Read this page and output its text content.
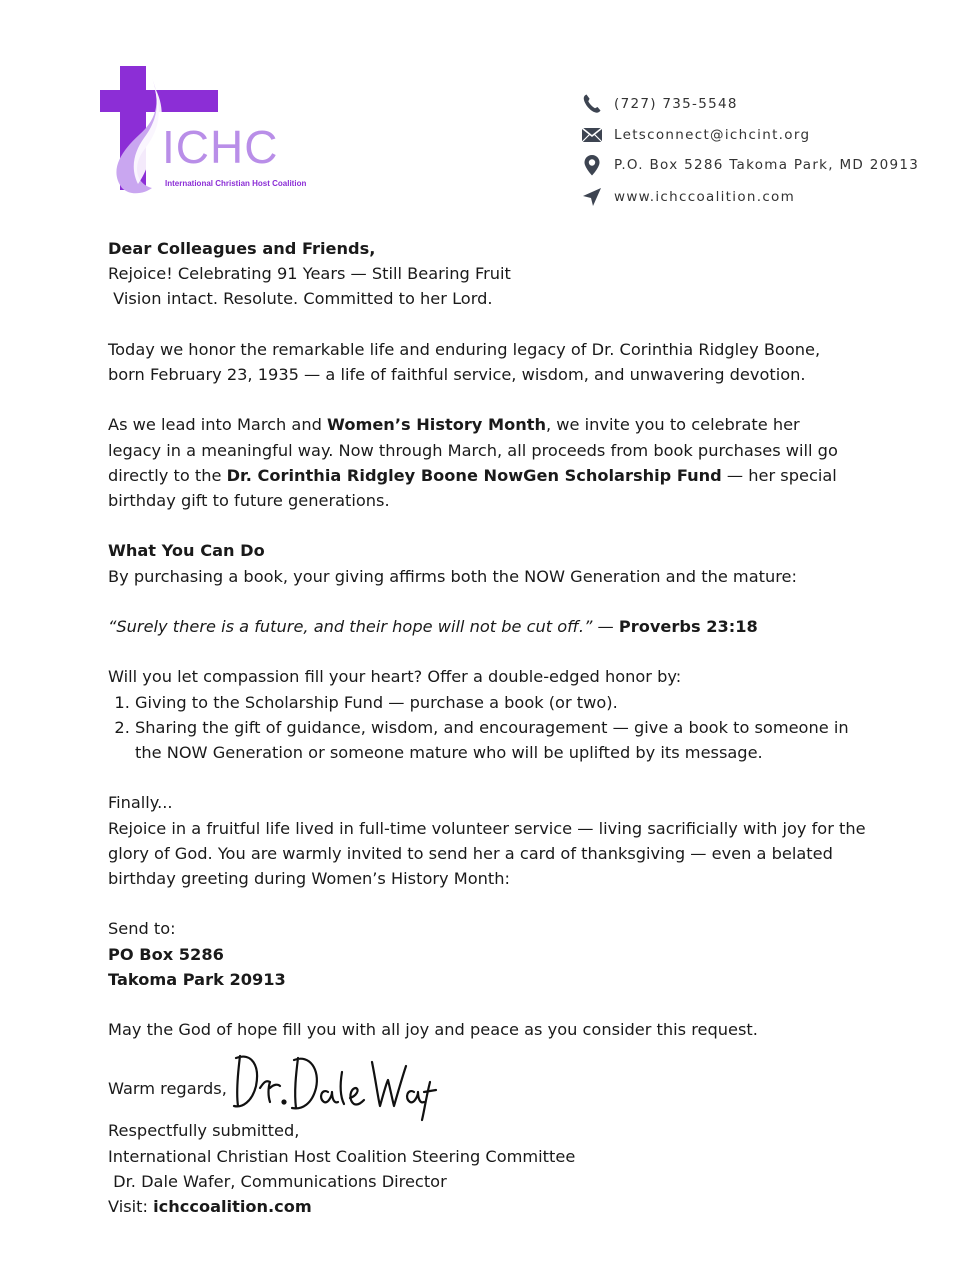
ICHC
International Christian Host Coalition
(727) 735-5548
Letsconnect@ichcint.org
P.O. Box 5286 Takoma Park, MD 20913
www.ichccoalition.com

Dear Colleagues and Friends,

Rejoice! Celebrating 91 Years — Still Bearing Fruit

Vision intact. Resolute. Committed to her Lord.

Today we honor the remarkable life and enduring legacy of Dr. Corinthia Ridgley Boone, born February 23, 1935 — a life of faithful service, wisdom, and unwavering devotion.

As we lead into March and Women’s History Month, we invite you to celebrate her legacy in a meaningful way. Now through March, all proceeds from book purchases will go directly to the Dr. Corinthia Ridgley Boone NowGen Scholarship Fund — her special birthday gift to future generations.

What You Can Do

By purchasing a book, your giving affirms both the NOW Generation and the mature:

“Surely there is a future, and their hope will not be cut off.” — Proverbs 23:18

Will you let compassion fill your heart? Offer a double-edged honor by:

1. Giving to the Scholarship Fund — purchase a book (or two).
2. Sharing the gift of guidance, wisdom, and encouragement — give a book to someone in the NOW Generation or someone mature who will be uplifted by its message.

Finally...

Rejoice in a fruitful life lived in full-time volunteer service — living sacrificially with joy for the glory of God. You are warmly invited to send her a card of thanksgiving — even a belated birthday greeting during Women’s History Month:

Send to:

PO Box 5286

Takoma Park 20913

May the God of hope fill you with all joy and peace as you consider this request.

Warm regards,

Respectfully submitted,

International Christian Host Coalition Steering Committee

Dr. Dale Wafer, Communications Director

Visit: ichccoalition.com
